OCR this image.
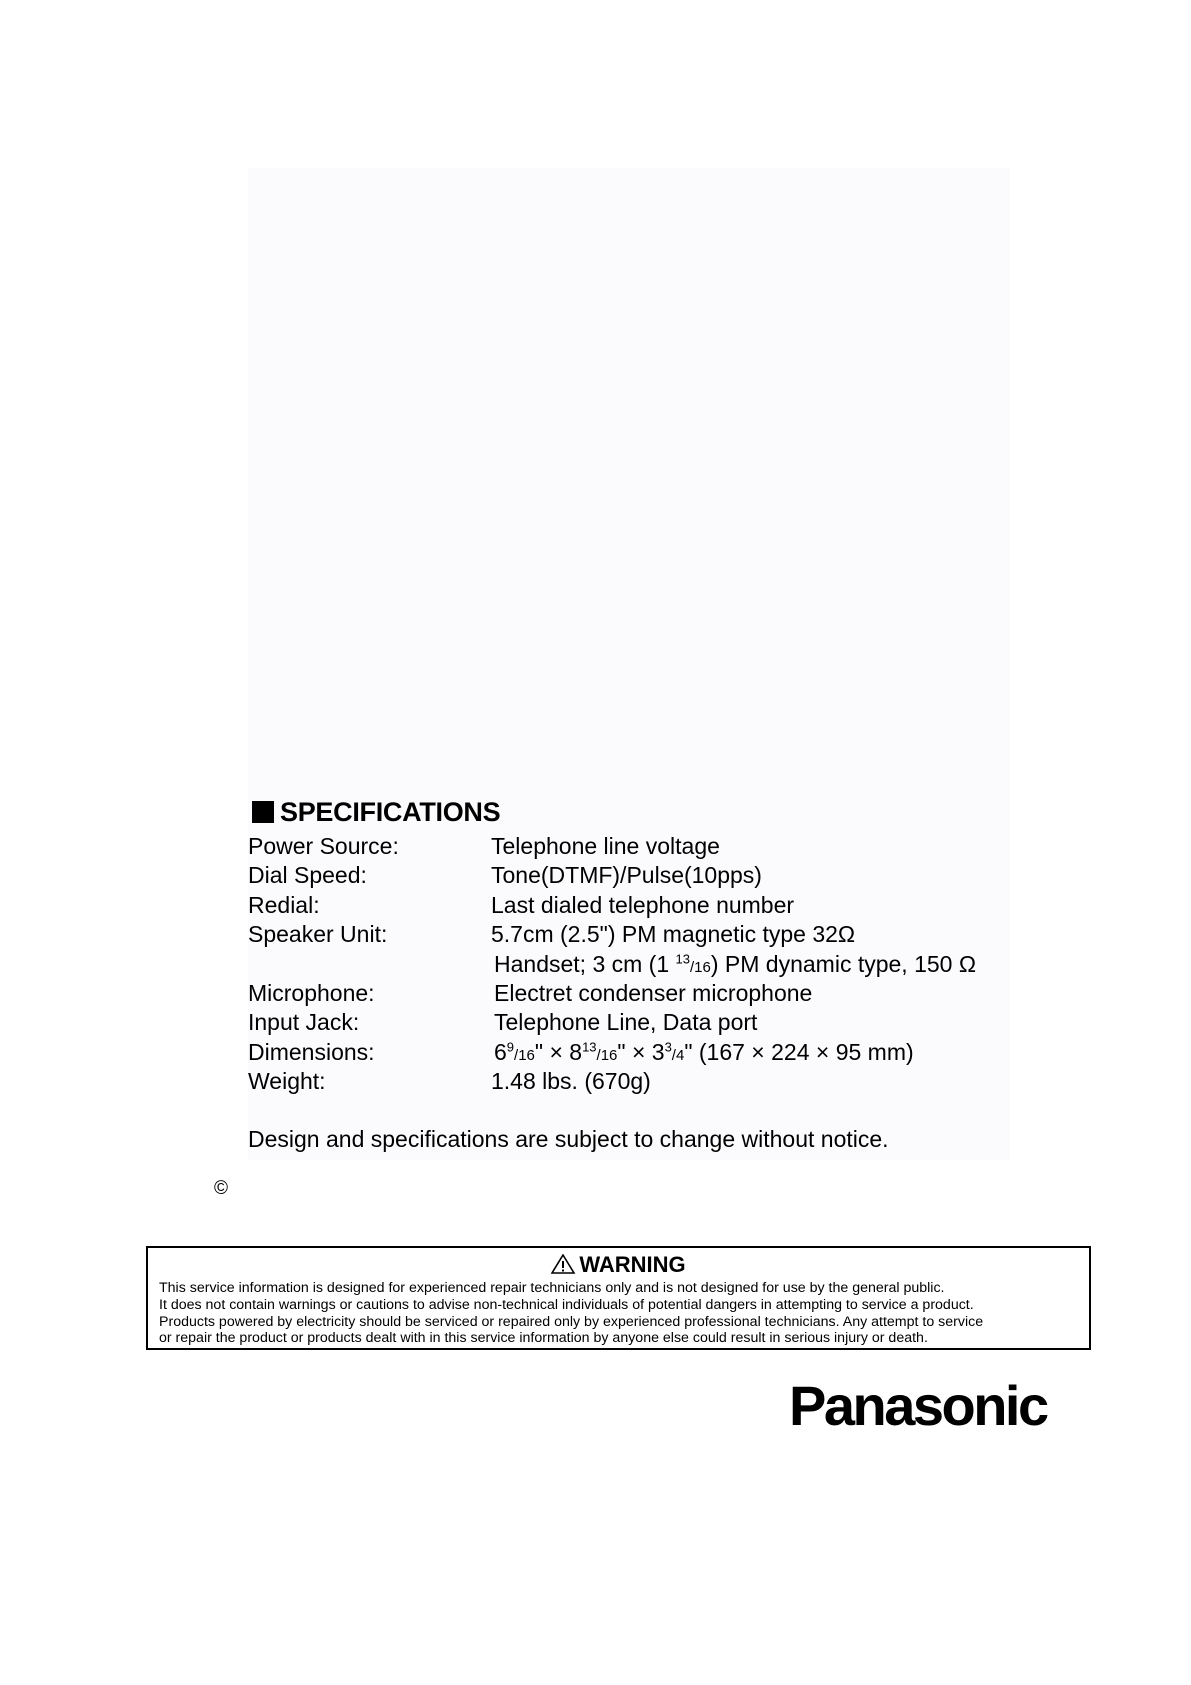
SPECIFICATIONS
Power Source:	Telephone line voltage
Dial Speed:	Tone(DTMF)/Pulse(10pps)
Redial:	Last dialed telephone number
Speaker Unit:	5.7cm (2.5") PM magnetic type 32Ω
Handset; 3 cm (1 $^{13}$/16) PM dynamic type, 150 Ω
Microphone:	Electret condenser microphone
Input Jack:	Telephone Line, Data port
Dimensions:	$6^9/16$" × $8^{13}/16$" × $3^3/4$" (167 × 224 × 95 mm)
Weight:	1.48 lbs. (670g)
Design and specifications are subject to change without notice.
©
WARNING
This service information is designed for experienced repair technicians only and is not designed for use by the general public.
It does not contain warnings or cautions to advise non-technical individuals of potential dangers in attempting to service a product.
Products powered by electricity should be serviced or repaired only by experienced professional technicians. Any attempt to service
or repair the product or products dealt with in this service information by anyone else could result in serious injury or death.
Panasonic
